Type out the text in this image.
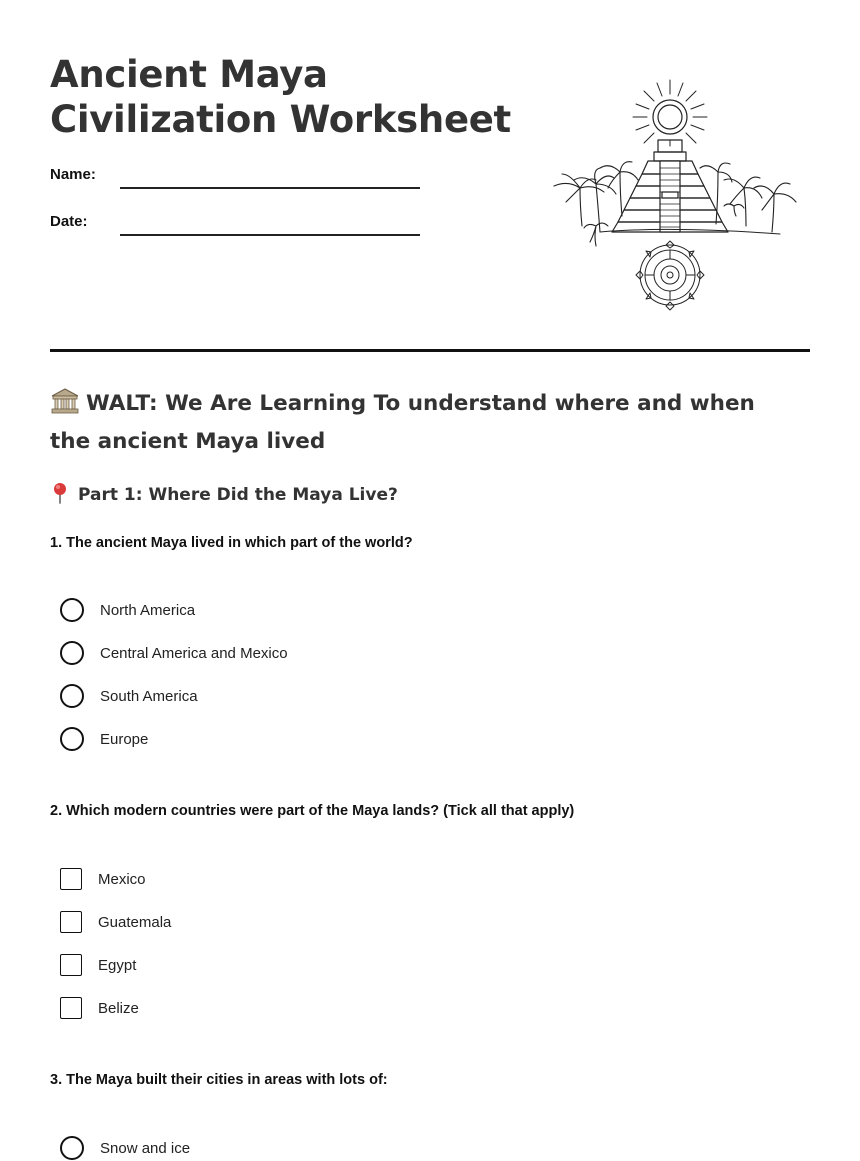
Ancient Maya
Civilization Worksheet
Name:
Date:
WALT: We Are Learning To understand where and when the ancient Maya lived
Part 1: Where Did the Maya Live?

1. The ancient Maya lived in which part of the world?

North America
Central America and Mexico
South America
Europe

2. Which modern countries were part of the Maya lands? (Tick all that apply)

Mexico
Guatemala
Egypt
Belize

3. The Maya built their cities in areas with lots of:

Snow and ice
